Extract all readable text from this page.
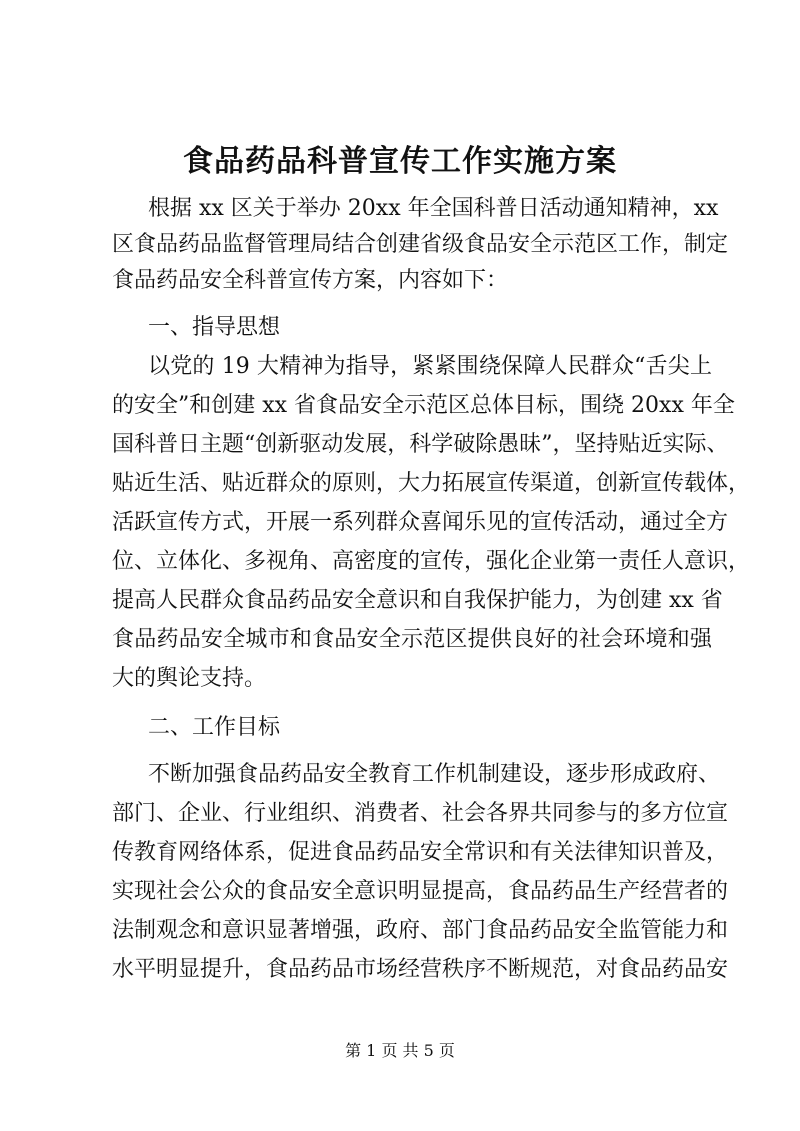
食品药品科普宣传工作实施方案
根据 xx 区关于举办 20xx 年全国科普日活动通知精神，xx
区食品药品监督管理局结合创建省级食品安全示范区工作，制定
食品药品安全科普宣传方案，内容如下：
一、指导思想
以党的 19 大精神为指导，紧紧围绕保障人民群众“舌尖上
的安全”和创建 xx 省食品安全示范区总体目标，围绕 20xx 年全
国科普日主题“创新驱动发展，科学破除愚昧”，坚持贴近实际、
贴近生活、贴近群众的原则，大力拓展宣传渠道，创新宣传载体，
活跃宣传方式，开展一系列群众喜闻乐见的宣传活动，通过全方
位、立体化、多视角、高密度的宣传，强化企业第一责任人意识，
提高人民群众食品药品安全意识和自我保护能力，为创建 xx 省
食品药品安全城市和食品安全示范区提供良好的社会环境和强
大的舆论支持。
二、工作目标
不断加强食品药品安全教育工作机制建设，逐步形成政府、
部门、企业、行业组织、消费者、社会各界共同参与的多方位宣
传教育网络体系，促进食品药品安全常识和有关法律知识普及，
实现社会公众的食品安全意识明显提高，食品药品生产经营者的
法制观念和意识显著增强，政府、部门食品药品安全监管能力和
水平明显提升，食品药品市场经营秩序不断规范，对食品药品安
第 1 页 共 5 页
